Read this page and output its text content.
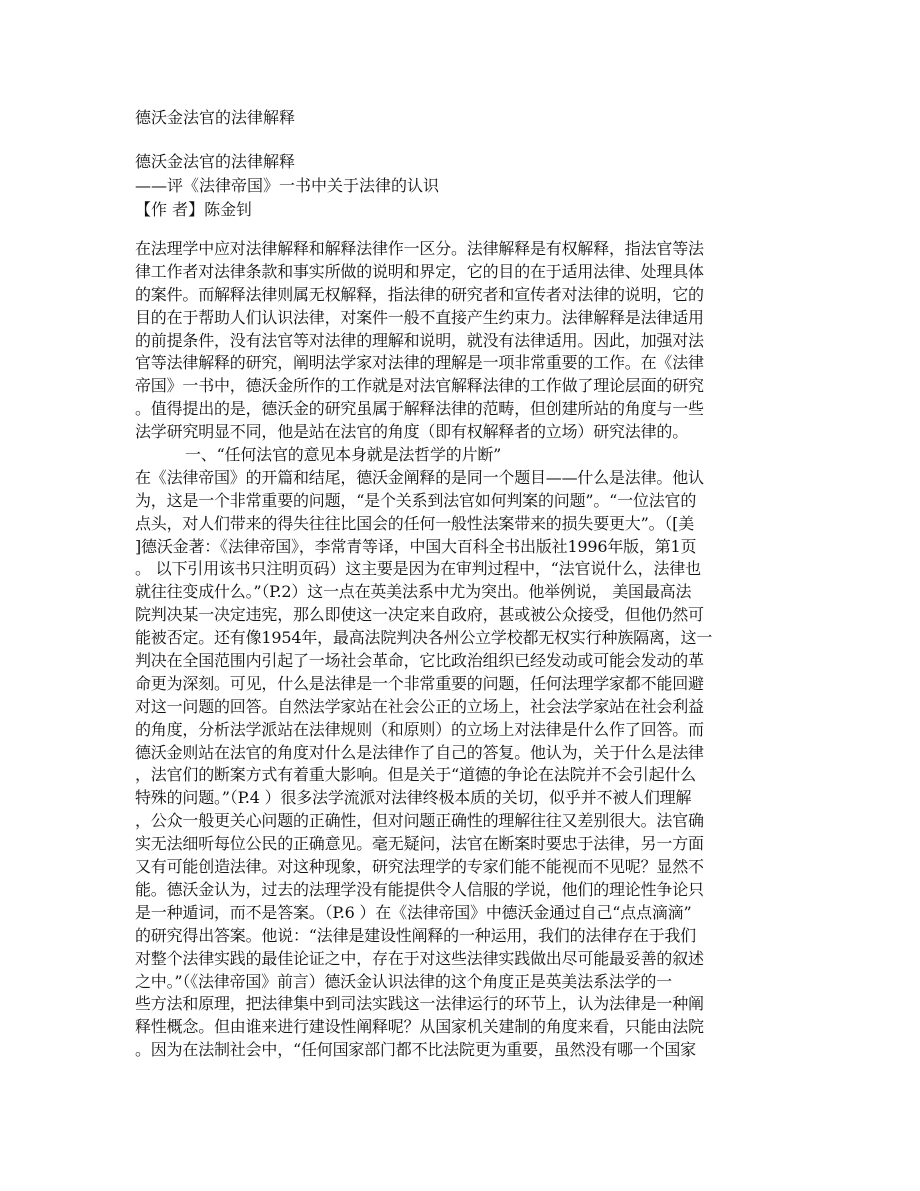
德沃金法官的法律解释
德沃金法官的法律解释
——评《法律帝国》一书中关于法律的认识
【作 者】陈金钊
在法理学中应对法律解释和解释法律作一区分。法律解释是有权解释，指法官等法
律工作者对法律条款和事实所做的说明和界定，它的目的在于适用法律、处理具体
的案件。而解释法律则属无权解释，指法律的研究者和宣传者对法律的说明，它的
目的在于帮助人们认识法律，对案件一般不直接产生约束力。法律解释是法律适用
的前提条件，没有法官等对法律的理解和说明，就没有法律适用。因此，加强对法
官等法律解释的研究，阐明法学家对法律的理解是一项非常重要的工作。在《法律
帝国》一书中，德沃金所作的工作就是对法官解释法律的工作做了理论层面的研究
。值得提出的是，德沃金的研究虽属于解释法律的范畴，但创建所站的角度与一些
法学研究明显不同，他是站在法官的角度（即有权解释者的立场）研究法律的。
一、“任何法官的意见本身就是法哲学的片断”
在《法律帝国》的开篇和结尾，德沃金阐释的是同一个题目——什么是法律。他认
为，这是一个非常重要的问题，“是个关系到法官如何判案的问题”。“一位法官的
点头，对人们带来的得失往往比国会的任何一般性法案带来的损失要更大”。（[美
]德沃金著：《法律帝国》，李常青等译，中国大百科全书出版社1996年版，第1页
。 以下引用该书只注明页码）这主要是因为在审判过程中，“法官说什么，法律也
就往往变成什么。”（P.2）这一点在英美法系中尤为突出。他举例说， 美国最高法
院判决某一决定违宪，那么即使这一决定来自政府，甚或被公众接受，但他仍然可
能被否定。还有像1954年，最高法院判决各州公立学校都无权实行种族隔离，这一
判决在全国范围内引起了一场社会革命，它比政治组织已经发动或可能会发动的革
命更为深刻。可见，什么是法律是一个非常重要的问题，任何法理学家都不能回避
对这一问题的回答。自然法学家站在社会公正的立场上，社会法学家站在社会利益
的角度，分析法学派站在法律规则（和原则）的立场上对法律是什么作了回答。而
德沃金则站在法官的角度对什么是法律作了自己的答复。他认为，关于什么是法律
，法官们的断案方式有着重大影响。但是关于“道德的争论在法院并不会引起什么
特殊的问题。”（P.4 ）很多法学流派对法律终极本质的关切，似乎并不被人们理解
，公众一般更关心问题的正确性，但对问题正确性的理解往往又差别很大。法官确
实无法细听每位公民的正确意见。毫无疑问，法官在断案时要忠于法律，另一方面
又有可能创造法律。对这种现象，研究法理学的专家们能不能视而不见呢？显然不
能。德沃金认为，过去的法理学没有能提供令人信服的学说，他们的理论性争论只
是一种遁词，而不是答案。（P.6 ）在《法律帝国》中德沃金通过自己“点点滴滴”
的研究得出答案。他说：“法律是建设性阐释的一种运用，我们的法律存在于我们
对整个法律实践的最佳论证之中，存在于对这些法律实践做出尽可能最妥善的叙述
之中。”（《法律帝国》前言）德沃金认识法律的这个角度正是英美法系法学的一
些方法和原理，把法律集中到司法实践这一法律运行的环节上，认为法律是一种阐
释性概念。但由谁来进行建设性阐释呢？从国家机关建制的角度来看，只能由法院
。因为在法制社会中，“任何国家部门都不比法院更为重要，虽然没有哪一个国家
